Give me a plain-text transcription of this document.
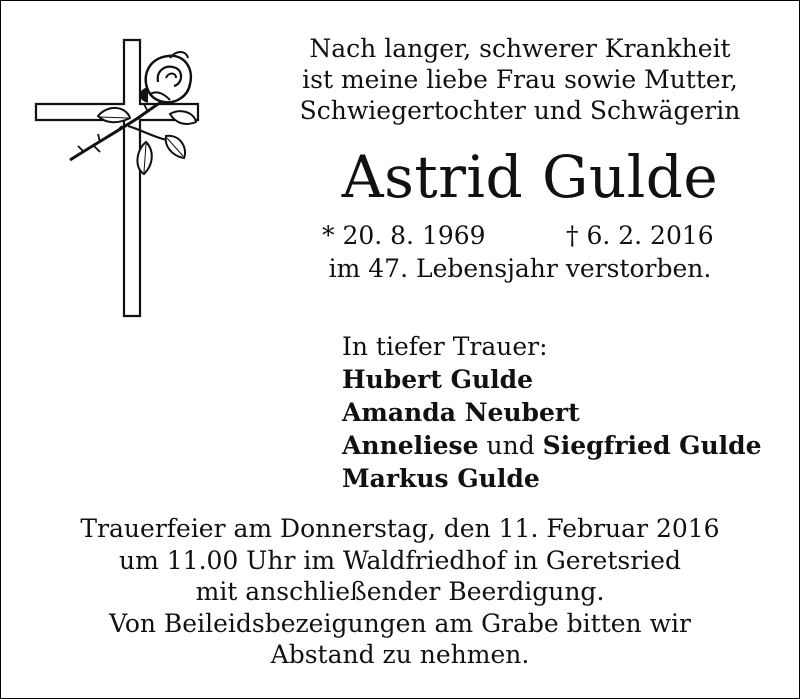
Nach langer, schwerer Krankheit
ist meine liebe Frau sowie Mutter,
Schwiegertochter und Schwägerin
Astrid Gulde
* 20. 8. 1969	† 6. 2. 2016
im 47. Lebensjahr verstorben.
In tiefer Trauer:
Hubert Gulde
Amanda Neubert
Anneliese und Siegfried Gulde
Markus Gulde
Trauerfeier am Donnerstag, den 11. Februar 2016
um 11.00 Uhr im Waldfriedhof in Geretsried
mit anschließender Beerdigung.
Von Beileidsbezeigungen am Grabe bitten wir
Abstand zu nehmen.
